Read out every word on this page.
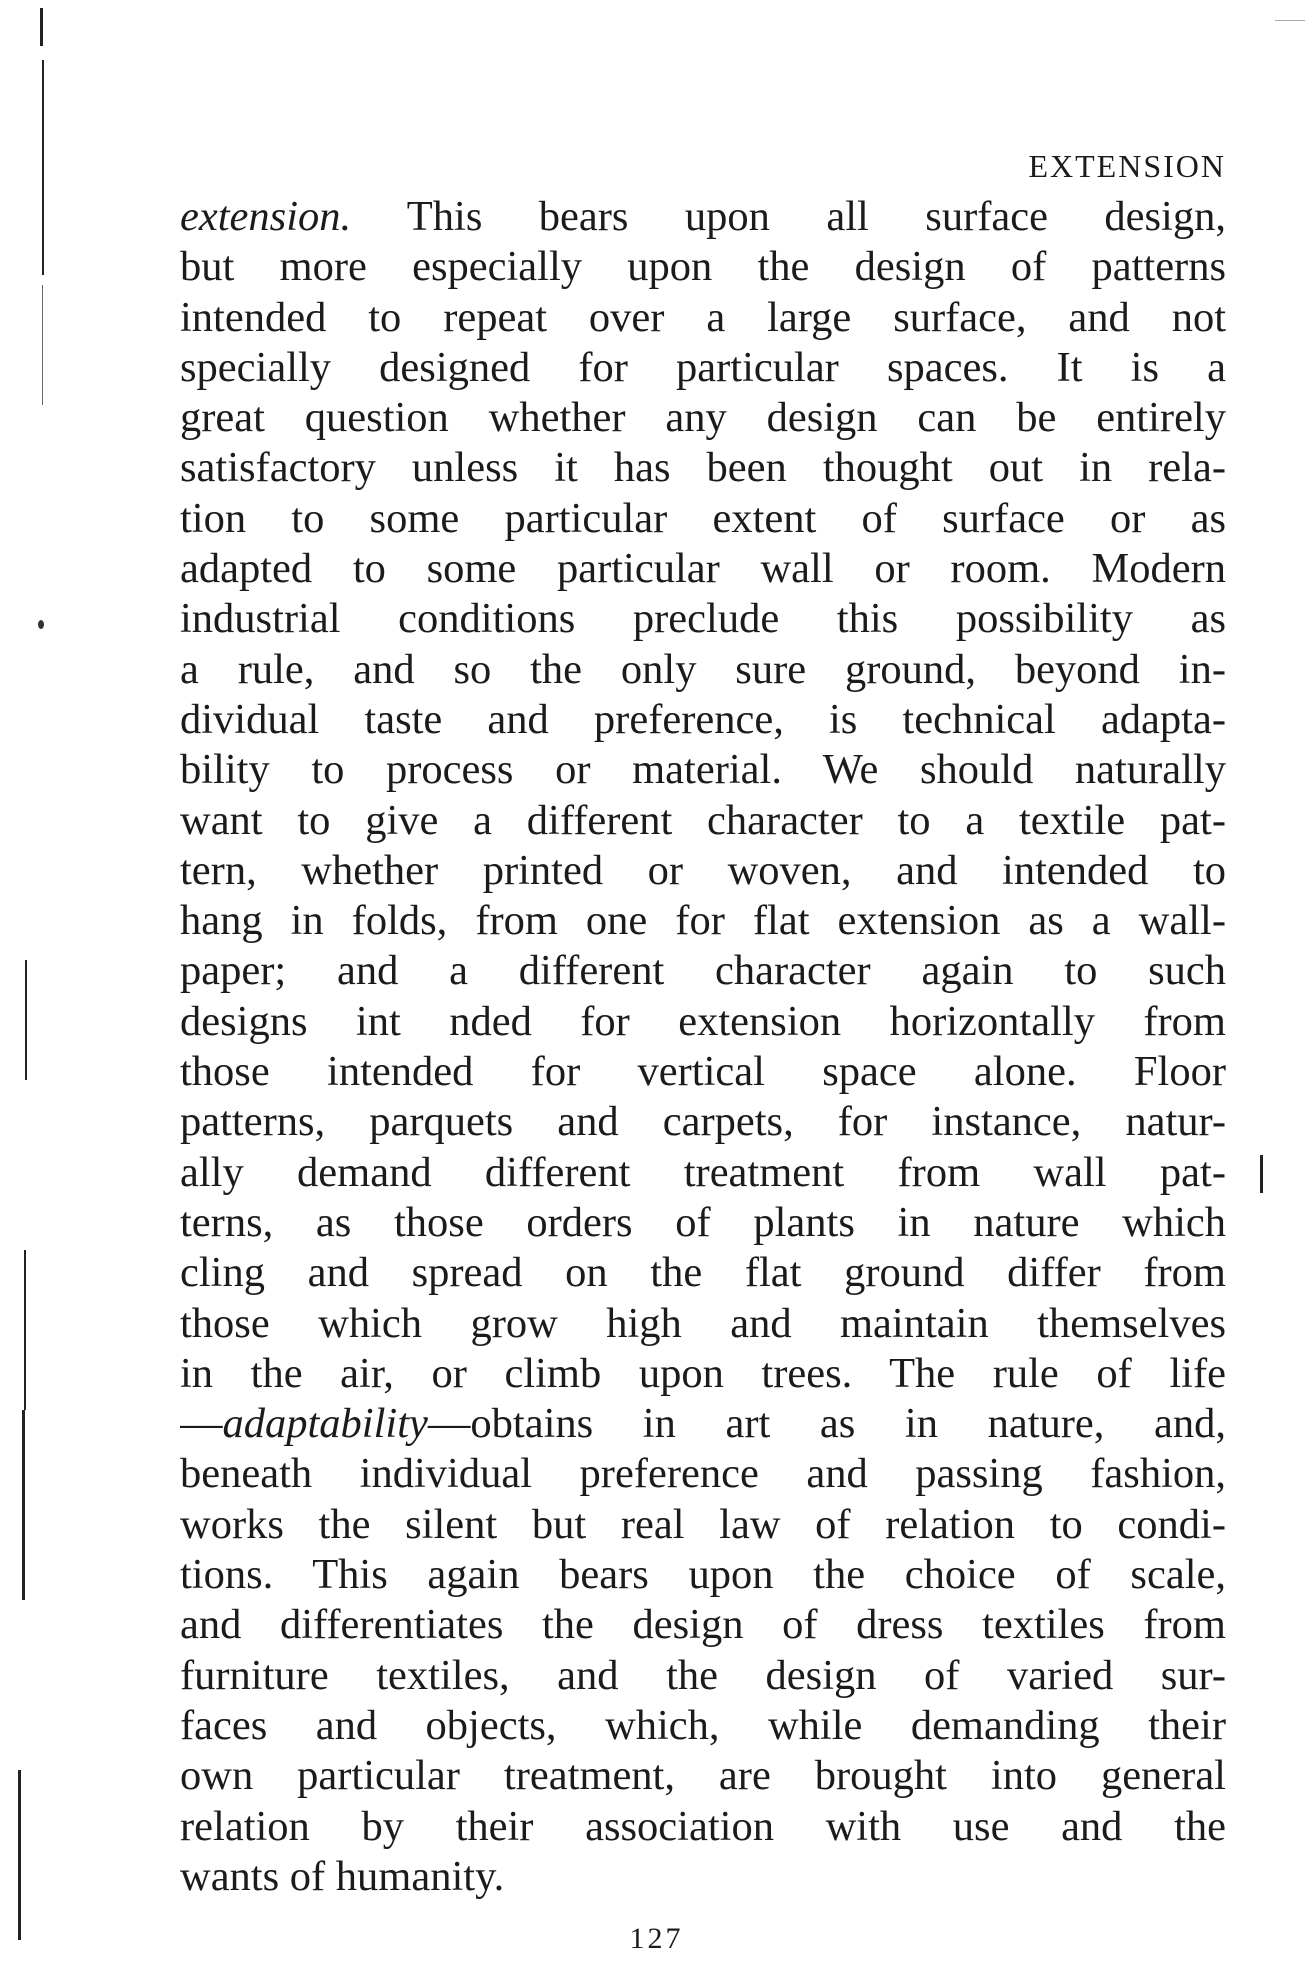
EXTENSION
extension. This bears upon all surface design,
but more especially upon the design of patterns
intended to repeat over a large surface, and not
specially designed for particular spaces. It is a
great question whether any design can be entirely
satisfactory unless it has been thought out in rela-
tion to some particular extent of surface or as
adapted to some particular wall or room. Modern
industrial conditions preclude this possibility as
a rule, and so the only sure ground, beyond in-
dividual taste and preference, is technical adapta-
bility to process or material. We should naturally
want to give a different character to a textile pat-
tern, whether printed or woven, and intended to
hang in folds, from one for flat extension as a wall-
paper; and a different character again to such
designs int nded for extension horizontally from
those intended for vertical space alone. Floor
patterns, parquets and carpets, for instance, natur-
ally demand different treatment from wall pat-
terns, as those orders of plants in nature which
cling and spread on the flat ground differ from
those which grow high and maintain themselves
in the air, or climb upon trees. The rule of life
—adaptability—obtains in art as in nature, and,
beneath individual preference and passing fashion,
works the silent but real law of relation to condi-
tions. This again bears upon the choice of scale,
and differentiates the design of dress textiles from
furniture textiles, and the design of varied sur-
faces and objects, which, while demanding their
own particular treatment, are brought into general
relation by their association with use and the
wants of humanity.
127
